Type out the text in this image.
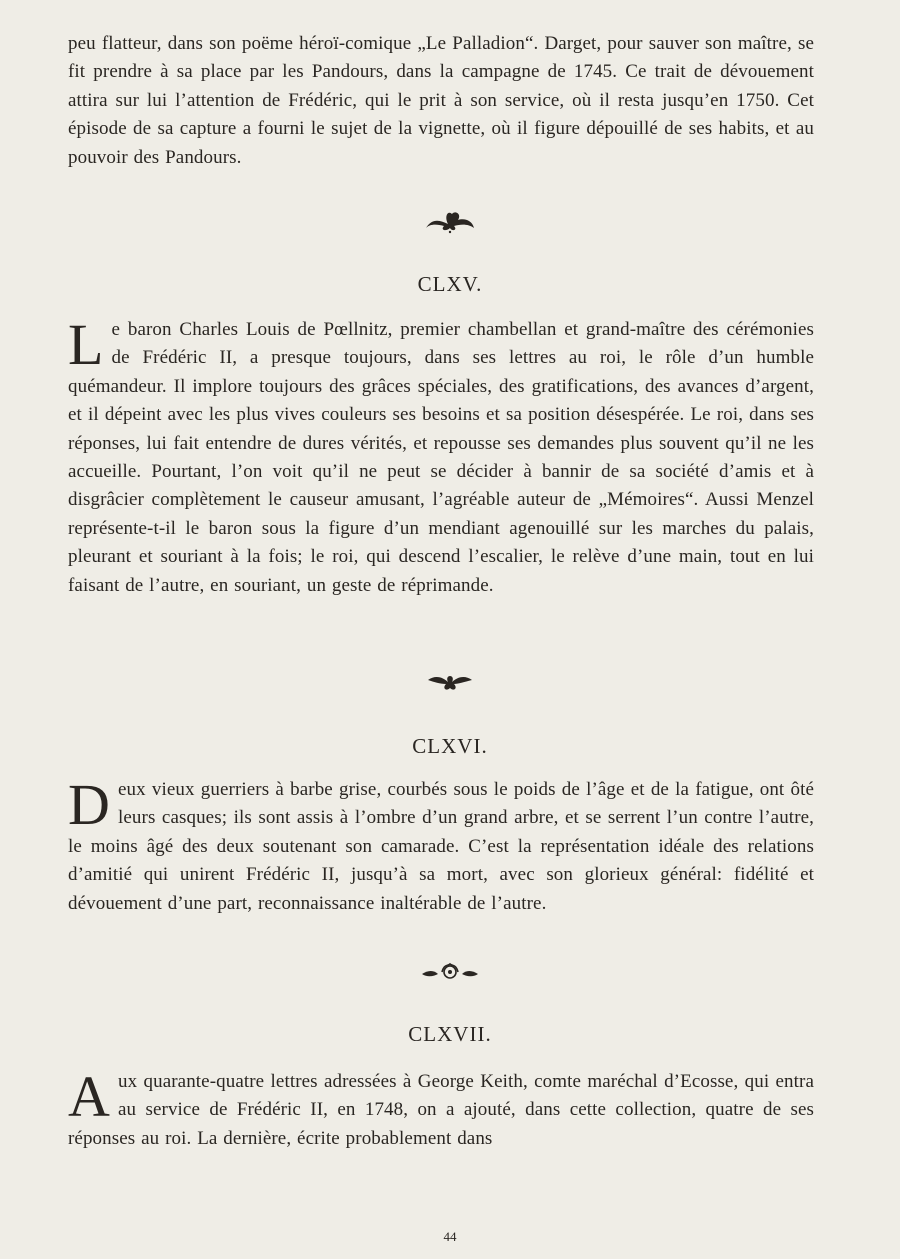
peu flatteur, dans son poëme héroï-comique „Le Palladion“. Darget, pour sauver son maître, se fit prendre à sa place par les Pandours, dans la campagne de 1745. Ce trait de dévouement attira sur lui l’attention de Frédéric, qui le prit à son service, où il resta jusqu’en 1750. Cet épisode de sa capture a fourni le sujet de la vignette, où il figure dépouillé de ses habits, et au pouvoir des Pandours.

CLXV.

Le baron Charles Louis de Pœllnitz, premier chambellan et grand-maître des cérémonies de Frédéric II, a presque toujours, dans ses lettres au roi, le rôle d’un humble quémandeur. Il implore toujours des grâces spéciales, des gratifications, des avances d’argent, et il dépeint avec les plus vives couleurs ses besoins et sa position désespérée. Le roi, dans ses réponses, lui fait entendre de dures vérités, et repousse ses demandes plus souvent qu’il ne les accueille. Pourtant, l’on voit qu’il ne peut se décider à bannir de sa société d’amis et à disgrâcier complètement le causeur amusant, l’agréable auteur de „Mémoires“. Aussi Menzel représente-t-il le baron sous la figure d’un mendiant agenouillé sur les marches du palais, pleurant et souriant à la fois; le roi, qui descend l’escalier, le relève d’une main, tout en lui faisant de l’autre, en souriant, un geste de réprimande.

CLXVI.

Deux vieux guerriers à barbe grise, courbés sous le poids de l’âge et de la fatigue, ont ôté leurs casques; ils sont assis à l’ombre d’un grand arbre, et se serrent l’un contre l’autre, le moins âgé des deux soutenant son camarade. C’est la représentation idéale des relations d’amitié qui unirent Frédéric II, jusqu’à sa mort, avec son glorieux général: fidélité et dévouement d’une part, reconnaissance inaltérable de l’autre.

CLXVII.

Aux quarante-quatre lettres adressées à George Keith, comte maréchal d’Ecosse, qui entra au service de Frédéric II, en 1748, on a ajouté, dans cette collection, quatre de ses réponses au roi. La dernière, écrite probablement dans

44
